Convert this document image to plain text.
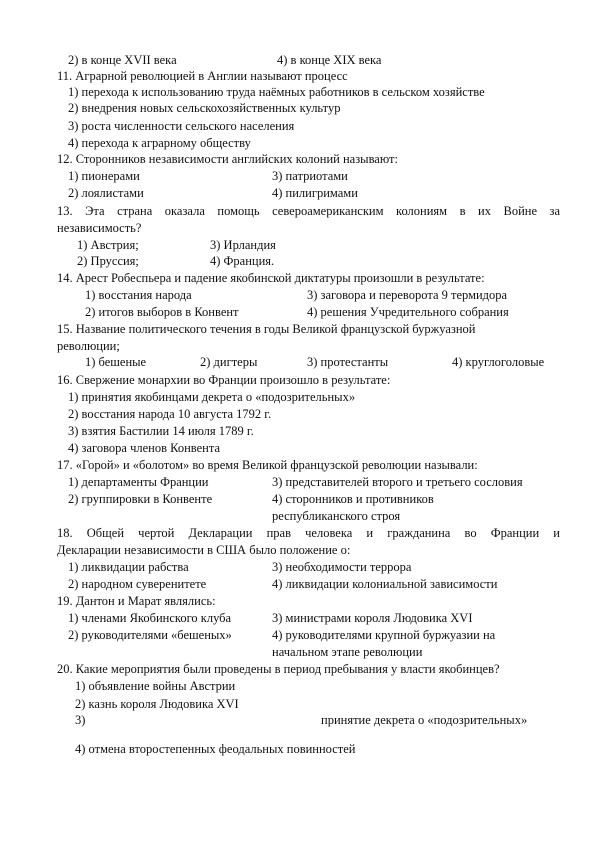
2) в конце XVII века	4) в конце XIX века
11. Аграрной революцией в Англии называют процесс
1) перехода к использованию труда наёмных работников в сельском хозяйстве
2) внедрения новых сельскохозяйственных культур
3) роста численности сельского населения
4) перехода к аграрному обществу
12. Сторонников независимости английских колоний называют:
1) пионерами	3) патриотами
2) лоялистами	4) пилигримами
13. Эта страна оказала помощь североамериканским колониям в их Войне за
независимость?
1) Австрия;	3) Ирландия
2) Пруссия;	4) Франция.
14. Арест Робеспьера и падение якобинской диктатуры произошли в результате:
1) восстания народа	3) заговора и переворота 9 термидора
2) итогов выборов в Конвент	4) решения Учредительного собрания
15. Название политического течения в годы Великой французской буржуазной
революции;
1) бешеные	2) дигтеры	3) протестанты	4) круглоголовые
16. Свержение монархии во Франции произошло в результате:
1) принятия якобинцами декрета о «подозрительных»
2) восстания народа 10 августа 1792 г.
3) взятия Бастилии 14 июля 1789 г.
4) заговора членов Конвента
17. «Горой» и «болотом» во время Великой французской революции называли:
1) департаменты Франции	3) представителей второго и третьего сословия
2) группировки в Конвенте	4) сторонников и противников
республиканского строя
18. Общей чертой Декларации прав человека и гражданина во Франции и
Декларации независимости в США было положение о:
1) ликвидации рабства	3) необходимости террора
2) народном суверенитете	4) ликвидации колониальной зависимости
19. Дантон и Марат являлись:
1) членами Якобинского клуба	3) министрами короля Людовика XVI
2) руководителями «бешеных»	4) руководителями крупной буржуазии на
начальном этапе революции
20. Какие мероприятия были проведены в период пребывания у власти якобинцев?
1) объявление войны Австрии
2) казнь короля Людовика XVI
3)	принятие декрета о «подозрительных»
4) отмена второстепенных феодальных повинностей
